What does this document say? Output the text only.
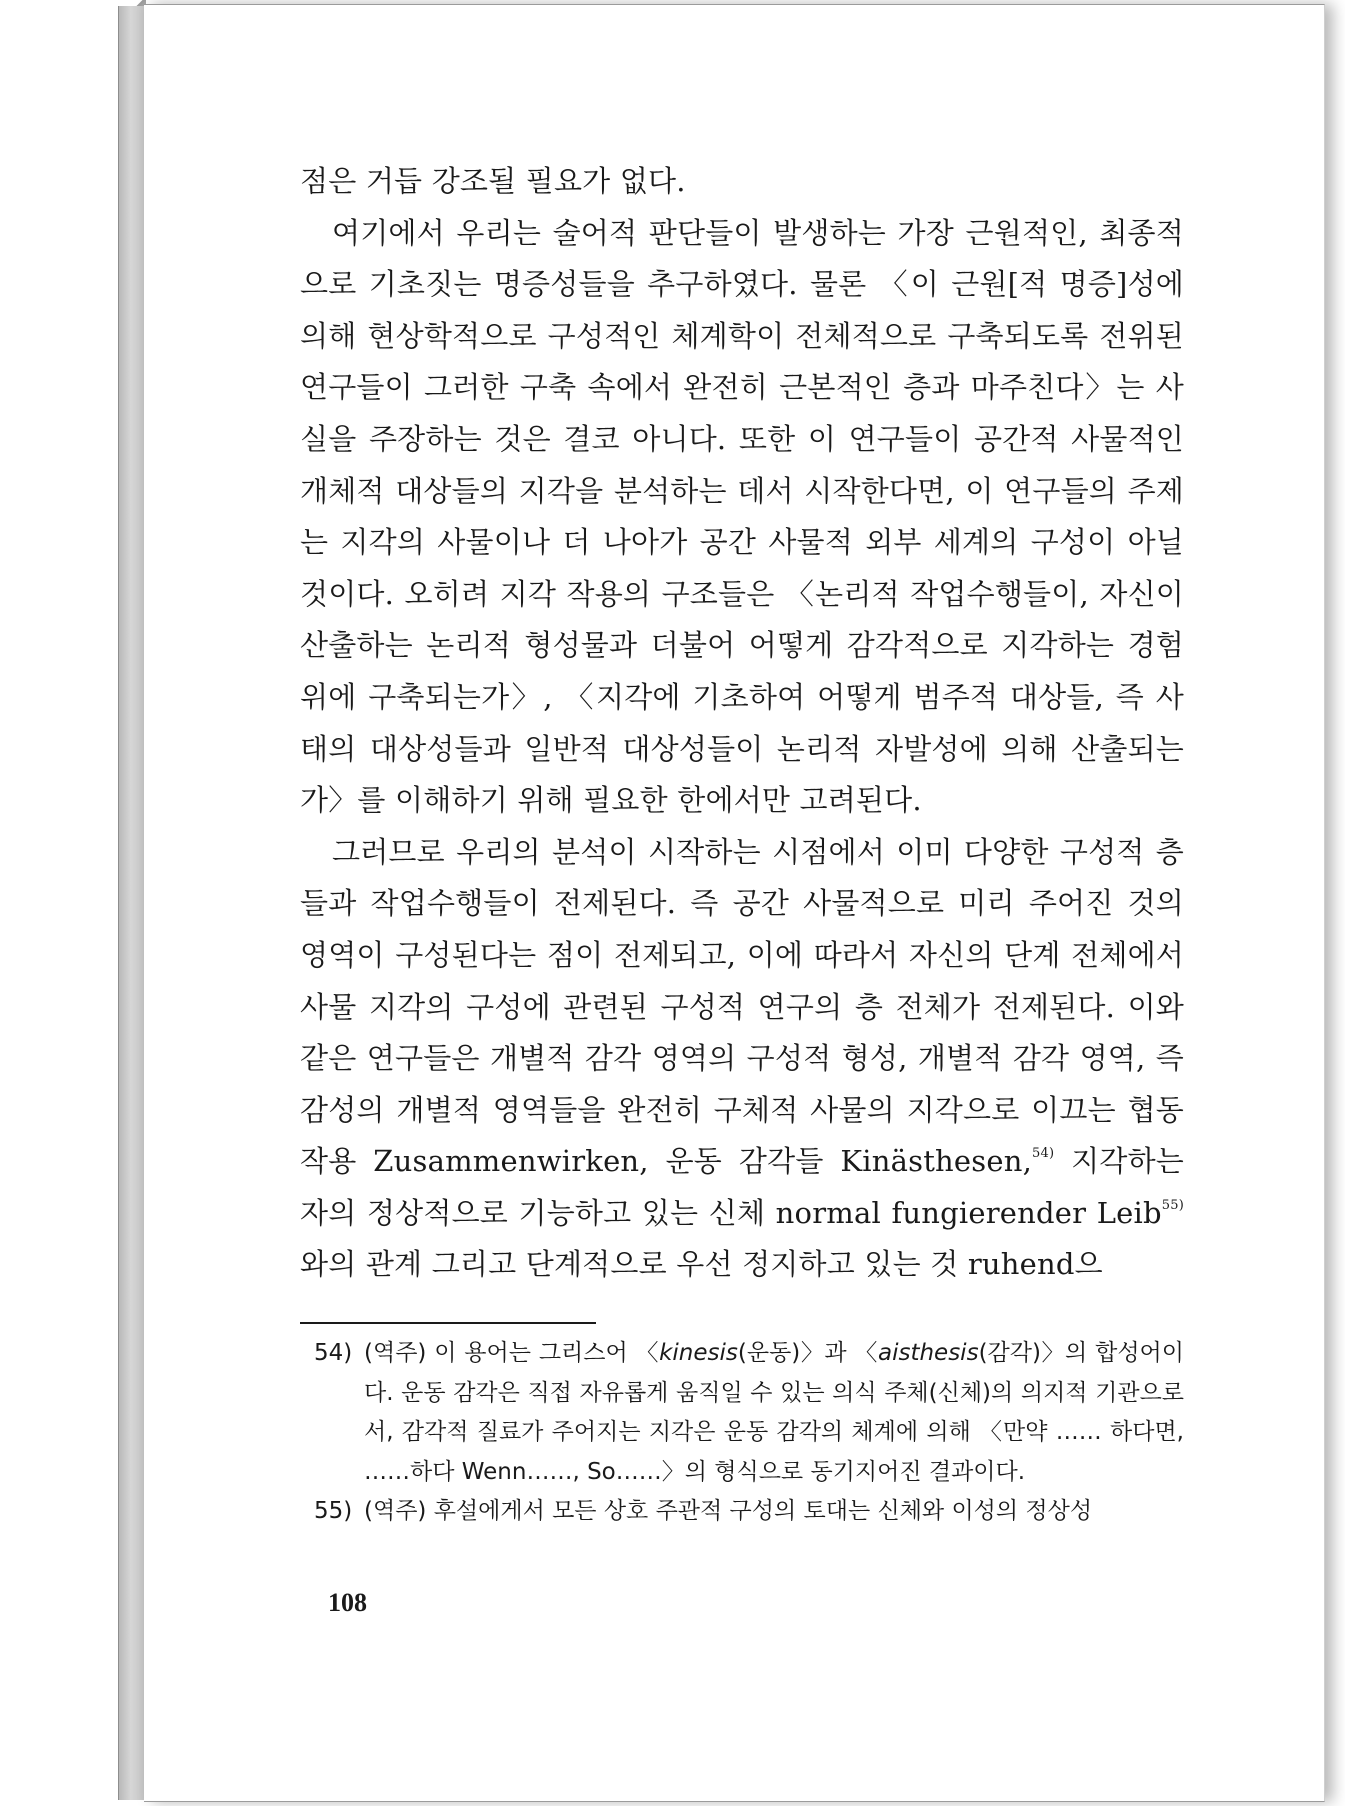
점은 거듭 강조될 필요가 없다.

여기에서 우리는 술어적 판단들이 발생하는 가장 근원적인, 최종적으로 기초짓는 명증성들을 추구하였다. 물론 〈이 근원[적 명증]성에 의해 현상학적으로 구성적인 체계학이 전체적으로 구축되도록 전위된 연구들이 그러한 구축 속에서 완전히 근본적인 층과 마주친다〉는 사실을 주장하는 것은 결코 아니다. 또한 이 연구들이 공간적 사물적인 개체적 대상들의 지각을 분석하는 데서 시작한다면, 이 연구들의 주제는 지각의 사물이나 더 나아가 공간 사물적 외부 세계의 구성이 아닐 것이다. 오히려 지각 작용의 구조들은 〈논리적 작업수행들이, 자신이 산출하는 논리적 형성물과 더불어 어떻게 감각적으로 지각하는 경험 위에 구축되는가〉, 〈지각에 기초하여 어떻게 범주적 대상들, 즉 사태의 대상성들과 일반적 대상성들이 논리적 자발성에 의해 산출되는가〉를 이해하기 위해 필요한 한에서만 고려된다.

그러므로 우리의 분석이 시작하는 시점에서 이미 다양한 구성적 층들과 작업수행들이 전제된다. 즉 공간 사물적으로 미리 주어진 것의 영역이 구성된다는 점이 전제되고, 이에 따라서 자신의 단계 전체에서 사물 지각의 구성에 관련된 구성적 연구의 층 전체가 전제된다. 이와 같은 연구들은 개별적 감각 영역의 구성적 형성, 개별적 감각 영역, 즉 감성의 개별적 영역들을 완전히 구체적 사물의 지각으로 이끄는 협동 작용 Zusammenwirken, 운동 감각들 Kinästhesen,$^{54)}$ 지각하는 자의 정상적으로 기능하고 있는 신체 normal fungierender Leib$^{55)}$와의 관계 그리고 단계적으로 우선 정지하고 있는 것 ruhend으

54) (역주) 이 용어는 그리스어 〈kinesis(운동)〉과 〈aisthesis(감각)〉의 합성어이다. 운동 감각은 직접 자유롭게 움직일 수 있는 의식 주체(신체)의 의지적 기관으로서, 감각적 질료가 주어지는 지각은 운동 감각의 체계에 의해 〈만약 …… 하다면, ……하다 Wenn……, So……〉의 형식으로 동기지어진 결과이다.
55) (역주) 후설에게서 모든 상호 주관적 구성의 토대는 신체와 이성의 정상성
108
